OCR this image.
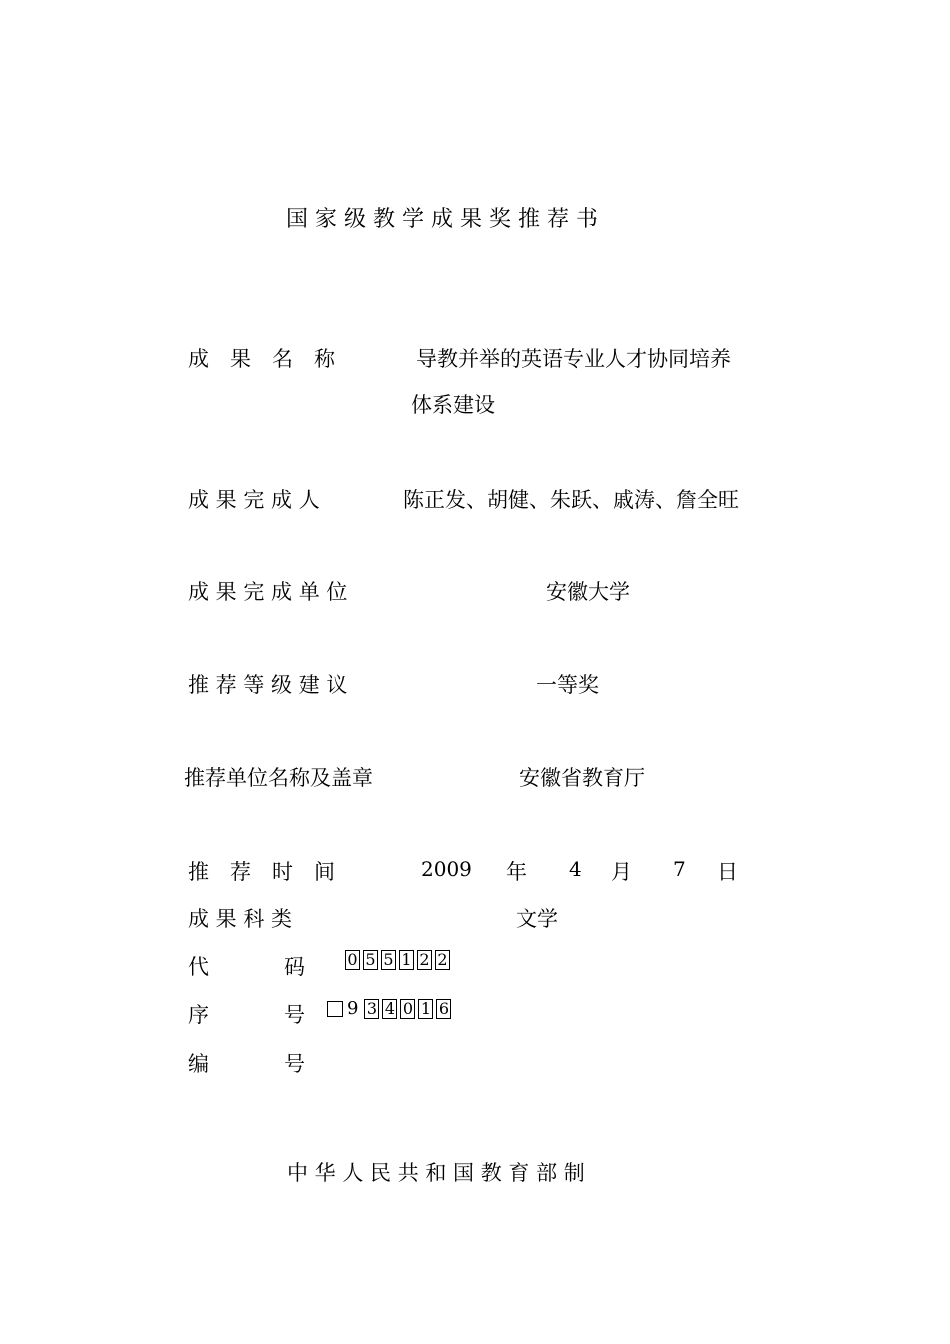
国 家 级 教 学 成 果 奖 推 荐 书
成　果　名　称	导教并举的英语专业人才协同培养
体系建设
成 果 完 成 人	陈正发、胡健、朱跃、戚涛、詹全旺
成 果 完 成 单 位	安徽大学
推 荐 等 级 建 议	一等奖
推荐单位名称及盖章	安徽省教育厅
推　荐　时　间	2009 年 4 月 7 日
成 果 科 类	文学
代	码	0 5 5 1 2 2
序	号	9 3 4 0 1 6
编	号
中 华 人 民 共 和 国 教 育 部 制
